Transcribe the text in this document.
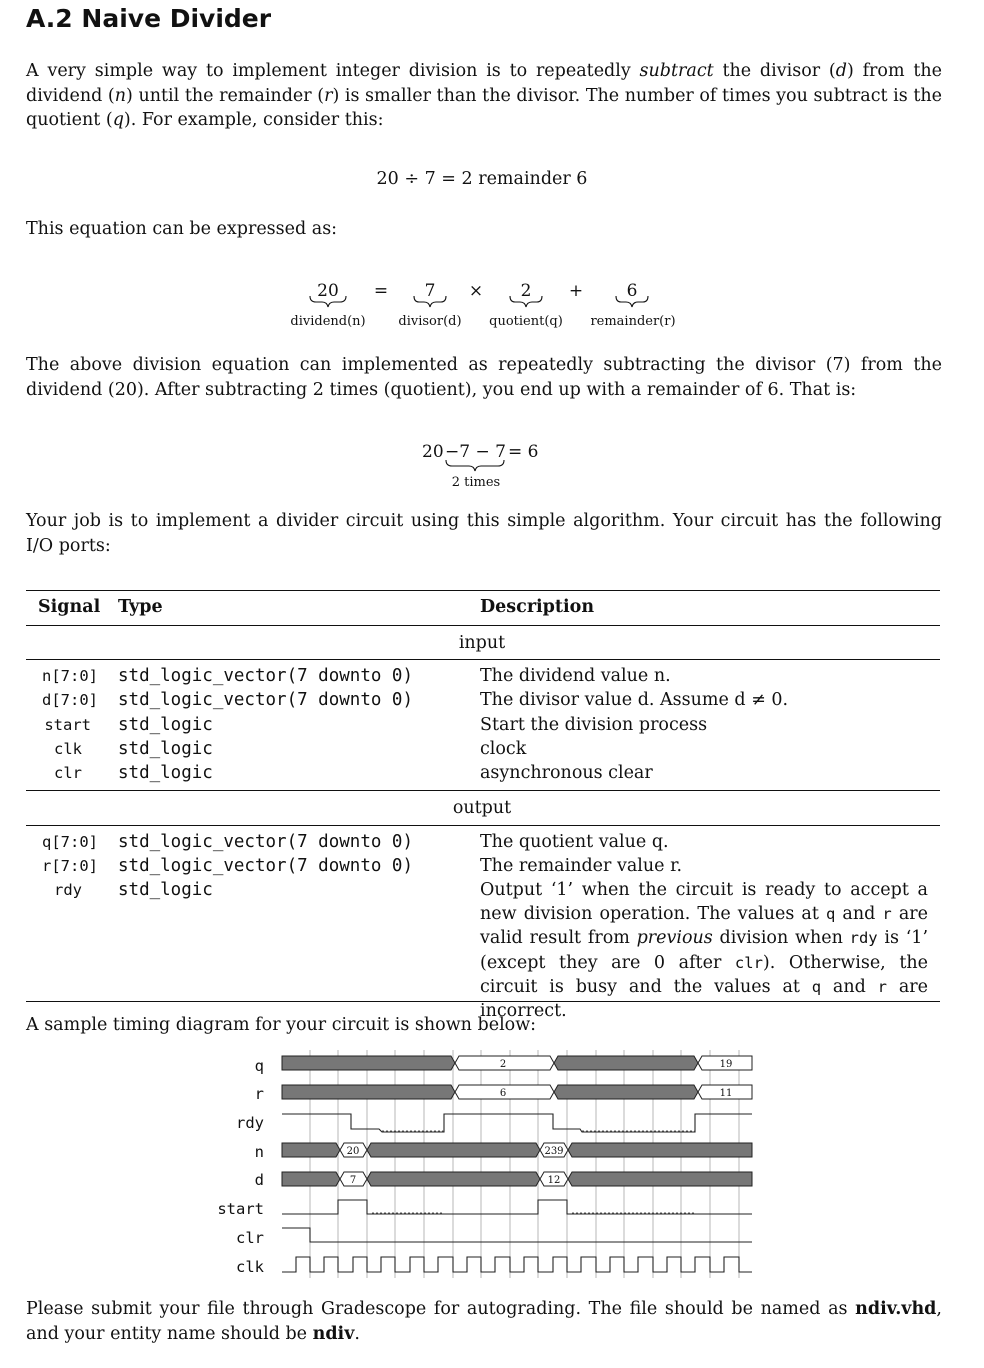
A.2 Naive Divider
A very simple way to implement integer division is to repeatedly subtract the divisor (d) from the dividend (n) until the remainder (r) is smaller than the divisor. The number of times you subtract is the quotient (q). For example, consider this:
20 ÷ 7 = 2 remainder 6
This equation can be expressed as:
20 = 7 × 2 +	6
dividend(n)	divisor(d) quotient(q) remainder(r)
The above division equation can implemented as repeatedly subtracting the divisor (7) from the dividend (20). After subtracting 2 times (quotient), you end up with a remainder of 6. That is:
20 −7 − 7 = 6
2 times
Your job is to implement a divider circuit using this simple algorithm. Your circuit has the following I/O ports:
Signal Type	Description
input
n[7:0] std_logic_vector(7 downto 0)	The dividend value n.
d[7:0] std_logic_vector(7 downto 0)	The divisor value d. Assume d ≠ 0.
start std_logic	Start the division process
clk std_logic	clock
clr std_logic	asynchronous clear
output
q[7:0] std_logic_vector(7 downto 0)	The quotient value q.
r[7:0] std_logic_vector(7 downto 0)	The remainder value r.
rdy std_logic	Output ‘1’ when the circuit is ready to accept a new division operation. The values at q and r are valid result from previous division when rdy is ‘1’ (except they are 0 after clr). Otherwise, the circuit is busy and the values at q and r are incorrect.
A sample timing diagram for your circuit is shown below:
q
r
rdy
n
d
start
clr
clk
2	19
6	11
20	239
7	12
Please submit your file through Gradescope for autograding. The file should be named as ndiv.vhd, and your entity name should be ndiv.
